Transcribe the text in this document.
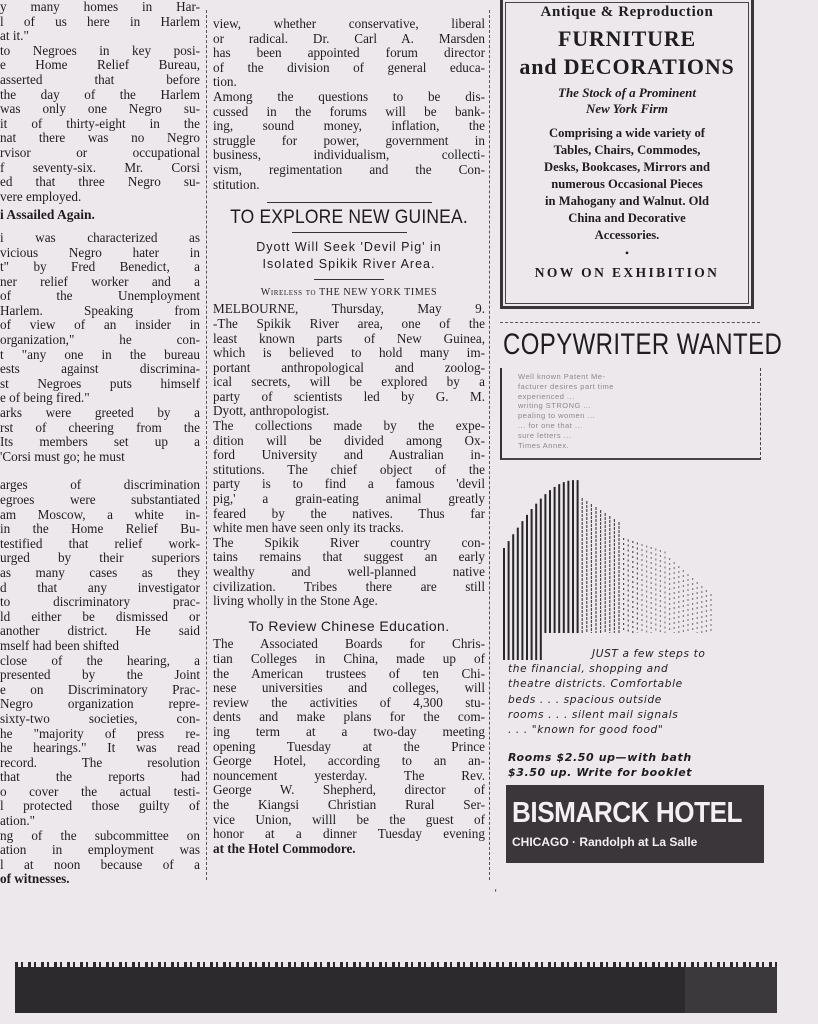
y many homes in Har-
l of us here in Harlem
at it."
to Negroes in key posi-
e Home Relief Bureau,
asserted that before
the day of the Harlem
was only one Negro su-
it of thirty-eight in the
nat there was no Negro
rvisor or occupational
f seventy-six. Mr. Corsi
ed that three Negro su-
vere employed.
i Assailed Again.
i was characterized as
vicious Negro hater in
t" by Fred Benedict, a
ner relief worker and a
of the Unemployment
Harlem. Speaking from
of view of an insider in
organization," he con-
t "any one in the bureau
ests against discrimina-
st Negroes puts himself
e of being fired."
arks were greeted by a
rst of cheering from the
Its members set up a
'Corsi must go; he must
arges of discrimination
egroes were substantiated
am Moscow, a white in-
in the Home Relief Bu-
testified that relief work-
urged by their superiors
as many cases as they
d that any investigator
to discriminatory prac-
ld either be dismissed or
another district. He said
mself had been shifted
close of the hearing, a
presented by the Joint
e on Discriminatory Prac-
Negro organization repre-
sixty-two societies, con-
he "majority of press re-
he hearings." It was read
record. The resolution
that the reports had
o cover the actual testi-
l protected those guilty of
ation."
ng of the subcommittee on
ation in employment was
l at noon because of a
of witnesses.
view, whether conservative, liberal
or radical. Dr. Carl A. Marsden
has been appointed forum director
of the division of general educa-
tion.
Among the questions to be dis-
cussed in the forums will be bank-
ing, sound money, inflation, the
struggle for power, government in
business, individualism, collecti-
vism, regimentation and the Con-
stitution.
TO EXPLORE NEW GUINEA.
Dyott Will Seek 'Devil Pig' in
Isolated Spikik River Area.
Wireless to THE NEW YORK TIMES
MELBOURNE, Thursday, May 9.
-The Spikik River area, one of the
least known parts of New Guinea,
which is believed to hold many im-
portant anthropological and zoolog-
ical secrets, will be explored by a
party of scientists led by G. M.
Dyott, anthropologist.
The collections made by the expe-
dition will be divided among Ox-
ford University and Australian in-
stitutions. The chief object of the
party is to find a famous 'devil
pig,' a grain-eating animal greatly
feared by the natives. Thus far
white men have seen only its tracks.
The Spikik River country con-
tains remains that suggest an early
wealthy and well-planned native
civilization. Tribes there are still
living wholly in the Stone Age.
To Review Chinese Education.
The Associated Boards for Chris-
tian Colleges in China, made up of
the American trustees of ten Chi-
nese universities and colleges, will
review the activities of 4,300 stu-
dents and make plans for the com-
ing term at a two-day meeting
opening Tuesday at the Prince
George Hotel, according to an an-
nouncement yesterday. The Rev.
George W. Shepherd, director of
the Kiangsi Christian Rural Ser-
vice Union, willl be the guest of
honor at a dinner Tuesday evening
at the Hotel Commodore.
Antique & Reproduction
FURNITURE
and DECORATIONS
The Stock of a Prominent
New York Firm
Comprising a wide variety of
Tables, Chairs, Commodes,
Desks, Bookcases, Mirrors and
numerous Occasional Pieces
in Mahogany and Walnut. Old
China and Decorative
Accessories.
•
NOW ON EXHIBITION
COPYWRITER WANTED

Well known Patent Me-

facturer desires part time

experienced ...

writing STRONG ...

pealing to women ...

... for one that ...

sure letters ...

Times Annex.

JUST a few steps to
the financial, shopping and
theatre districts. Comfortable
beds . . . spacious outside
rooms . . . silent mail signals
. . . "known for good food"
Rooms $2.50 up—with bath
$3.50 up. Write for booklet
BISMARCK HOTEL
CHICAGO · Randolph at La Salle
‘
